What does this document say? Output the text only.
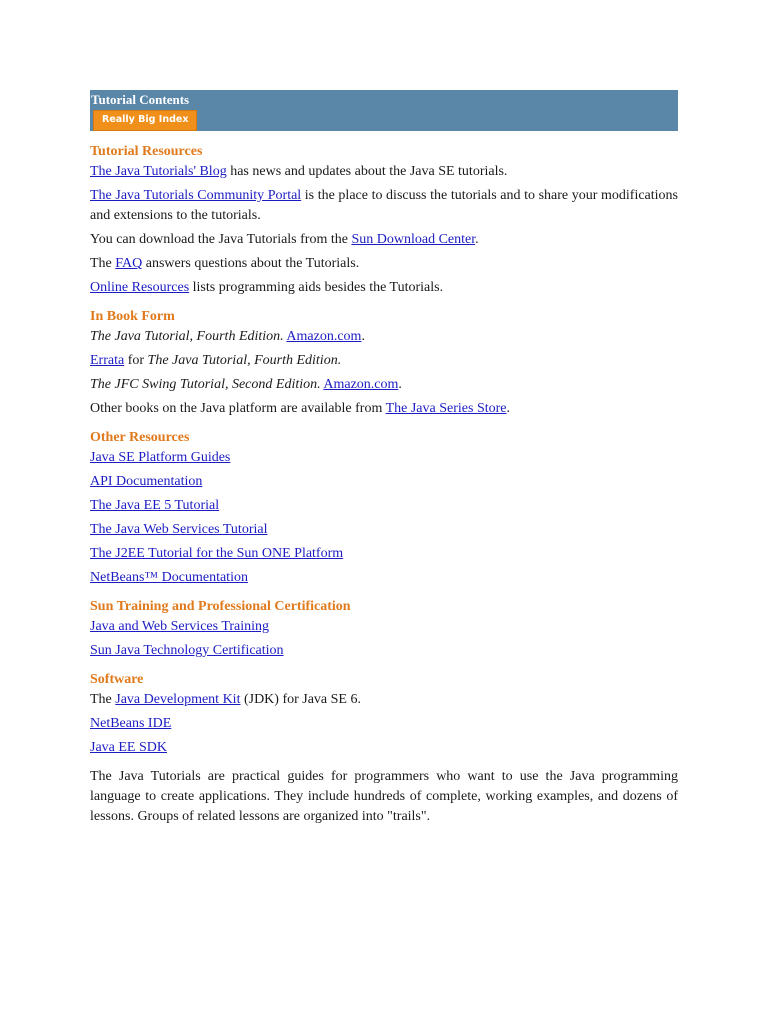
Tutorial Contents
Really Big Index
Tutorial Resources

The Java Tutorials' Blog has news and updates about the Java SE tutorials.

The Java Tutorials Community Portal is the place to discuss the tutorials and to share your modifications and extensions to the tutorials.

You can download the Java Tutorials from the Sun Download Center.

The FAQ answers questions about the Tutorials.

Online Resources lists programming aids besides the Tutorials.

In Book Form

The Java Tutorial, Fourth Edition. Amazon.com.

Errata for The Java Tutorial, Fourth Edition.

The JFC Swing Tutorial, Second Edition. Amazon.com.

Other books on the Java platform are available from The Java Series Store.

Other Resources

Java SE Platform Guides

API Documentation

The Java EE 5 Tutorial

The Java Web Services Tutorial

The J2EE Tutorial for the Sun ONE Platform

NetBeans™ Documentation

Sun Training and Professional Certification

Java and Web Services Training

Sun Java Technology Certification

Software

The Java Development Kit (JDK) for Java SE 6.

NetBeans IDE

Java EE SDK

The Java Tutorials are practical guides for programmers who want to use the Java programming language to create applications. They include hundreds of complete, working examples, and dozens of lessons. Groups of related lessons are organized into "trails".
